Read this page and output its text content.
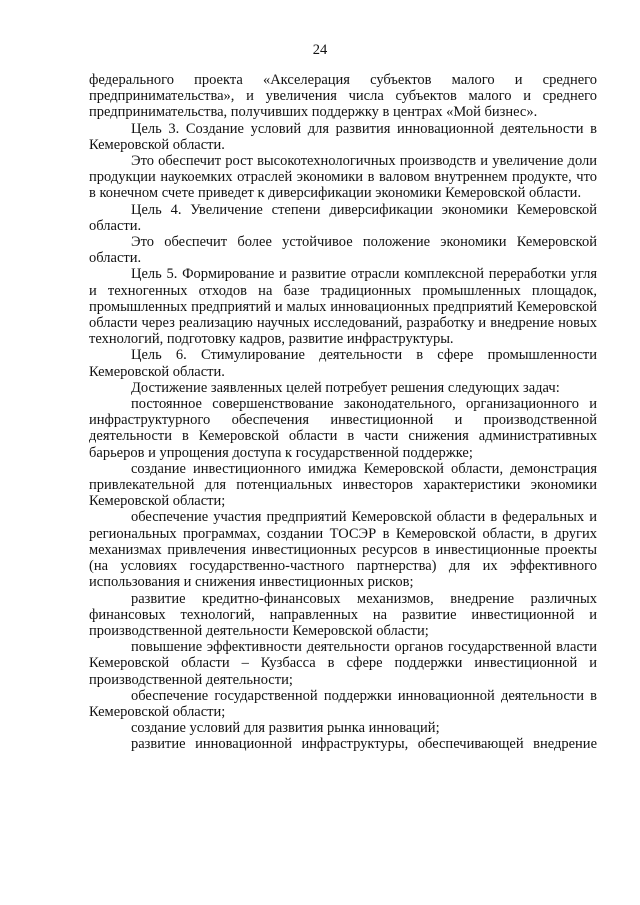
24

федерального проекта «Акселерация субъектов малого и среднего предпринимательства», и увеличения числа субъектов малого и среднего предпринимательства, получивших поддержку в центрах «Мой бизнес».

Цель 3. Создание условий для развития инновационной деятельности в Кемеровской области.

Это обеспечит рост высокотехнологичных производств и увеличение доли продукции наукоемких отраслей экономики в валовом внутреннем продукте, что в конечном счете приведет к диверсификации экономики Кемеровской области.

Цель 4. Увеличение степени диверсификации экономики Кемеровской области.

Это обеспечит более устойчивое положение экономики Кемеровской области.

Цель 5. Формирование и развитие отрасли комплексной переработки угля и техногенных отходов на базе традиционных промышленных площадок, промышленных предприятий и малых инновационных предприятий Кемеровской области через реализацию научных исследований, разработку и внедрение новых технологий, подготовку кадров, развитие инфраструктуры.

Цель 6. Стимулирование деятельности в сфере промышленности Кемеровской области.

Достижение заявленных целей потребует решения следующих задач:

постоянное совершенствование законодательного, организационного и инфраструктурного обеспечения инвестиционной и производственной деятельности в Кемеровской области в части снижения административных барьеров и упрощения доступа к государственной поддержке;

создание инвестиционного имиджа Кемеровской области, демонстрация привлекательной для потенциальных инвесторов характеристики экономики Кемеровской области;

обеспечение участия предприятий Кемеровской области в федеральных и региональных программах, создании ТОСЭР в Кемеровской области, в других механизмах привлечения инвестиционных ресурсов в инвестиционные проекты (на условиях государственно-частного партнерства) для их эффективного использования и снижения инвестиционных рисков;

развитие кредитно-финансовых механизмов, внедрение различных финансовых технологий, направленных на развитие инвестиционной и производственной деятельности Кемеровской области;

повышение эффективности деятельности органов государственной власти Кемеровской области – Кузбасса в сфере поддержки инвестиционной и производственной деятельности;

обеспечение государственной поддержки инновационной деятельности в Кемеровской области;

создание условий для развития рынка инноваций;

развитие инновационной инфраструктуры, обеспечивающей внедрение
